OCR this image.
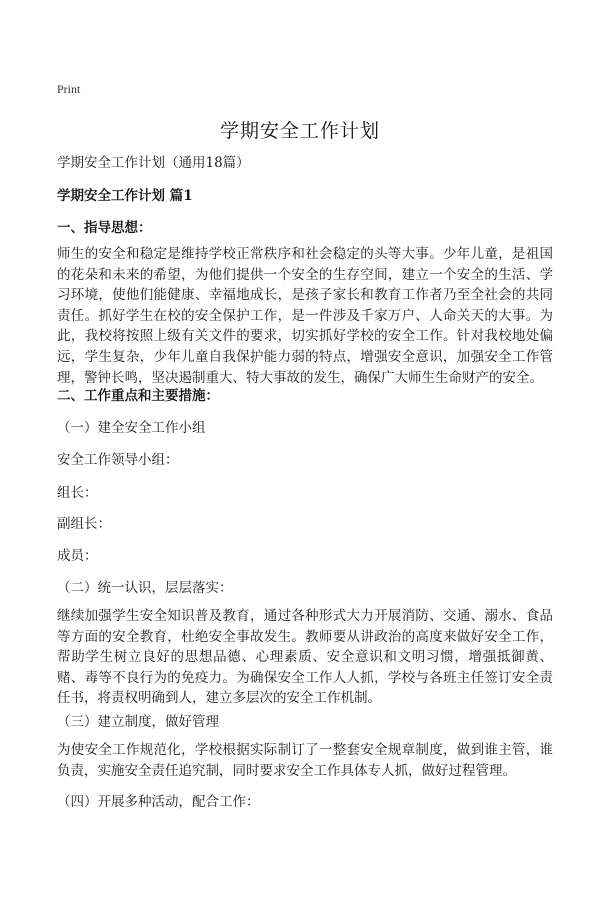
Print
学期安全工作计划
学期安全工作计划（通用18篇）
学期安全工作计划 篇1
一、指导思想：
师生的安全和稳定是维持学校正常秩序和社会稳定的头等大事。少年儿童，是祖国的花朵和未来的希望，为他们提供一个安全的生存空间，建立一个安全的生活、学习环境，使他们能健康、幸福地成长，是孩子家长和教育工作者乃至全社会的共同责任。抓好学生在校的安全保护工作，是一件涉及千家万户、人命关天的大事。为此，我校将按照上级有关文件的要求，切实抓好学校的安全工作。针对我校地处偏远，学生复杂，少年儿童自我保护能力弱的特点，增强安全意识，加强安全工作管理，警钟长鸣，坚决遏制重大、特大事故的发生，确保广大师生生命财产的安全。
二、工作重点和主要措施：
（一）建全安全工作小组
安全工作领导小组：
组长：
副组长：
成员：
（二）统一认识，层层落实：
继续加强学生安全知识普及教育，通过各种形式大力开展消防、交通、溺水、食品等方面的安全教育，杜绝安全事故发生。教师要从讲政治的高度来做好安全工作，帮助学生树立良好的思想品德、心理素质、安全意识和文明习惯，增强抵御黄、赌、毒等不良行为的免疫力。为确保安全工作人人抓，学校与各班主任签订安全责任书，将责权明确到人，建立多层次的安全工作机制。
（三）建立制度，做好管理
为使安全工作规范化，学校根据实际制订了一整套安全规章制度，做到谁主管，谁负责，实施安全责任追究制，同时要求安全工作具体专人抓，做好过程管理。
（四）开展多种活动，配合工作：
